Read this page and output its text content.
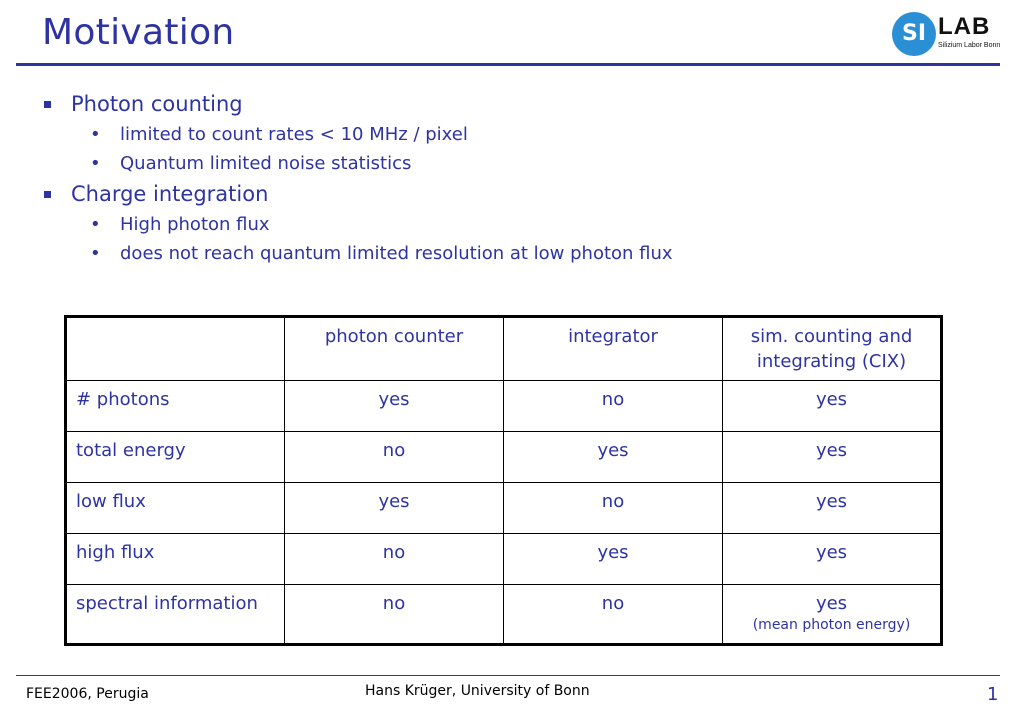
Motivation	SI LAB
Silizium Labor Bonn
Photon counting
• limited to count rates < 10 MHz / pixel
• Quantum limited noise statistics
Charge integration
• High photon flux
• does not reach quantum limited resolution at low photon flux
	photon counter	integrator	sim. counting and integrating (CIX)
# photons	yes	no	yes
total energy	no	yes	yes
low flux	yes	no	yes
high flux	no	yes	yes
spectral information	no	no	yes
(mean photon energy)
FEE2006, Perugia	Hans Krüger, University of Bonn	1
